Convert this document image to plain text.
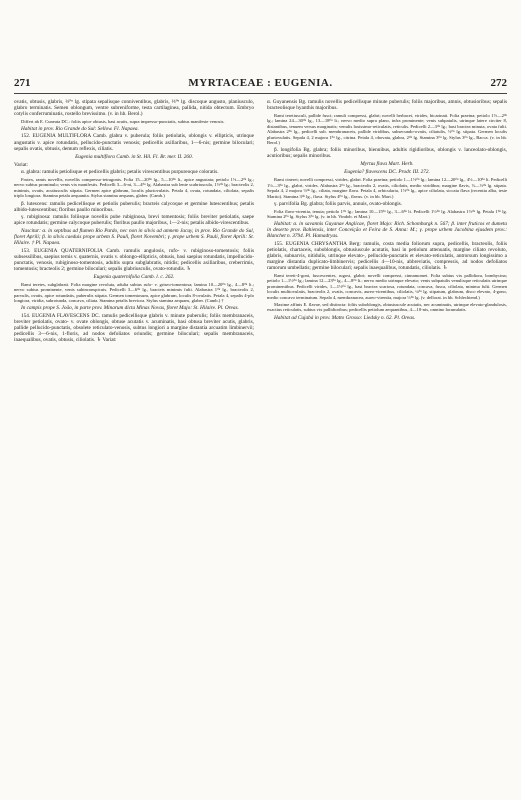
271	MYRTACEAE : EUGENIA.	272

ovatis, obtusis, glabris, ⅓ˡⁱⁿ lg. stipata sepalisque conniventibus, glabris, ⅓ˡⁱⁿ lg. discoque angusto, planiusculo, glabro terminatis. Semen oblongum, ventre subreniforme, testa cartilaginea, pallida, nitida obtectum. Embryo cotylis conferruminatis, rostello brevissimo. (v. in hb. Berol.)

Differt ab E. Cuneata DC.: foliis apice obtusis, basi acutis, supra impresso-punctatis, subtus manifeste venosis.

Habitat in prov. Rio Grande do Sul: Sellow. Fl. Napaea.

152. EUGENIA MULTIFLORA Camb. glabra v. puberula; foliis petiolatis, oblongis v. ellipticis, utrinque angustatis v. apice rotundatis, pellucido-punctatis venosis; pedicellis axillaribus, 1—6-nis; germine biloculari; sepalis ovatis, obtusis, demum reflexis, ciliatis.

Eugenia multiflora Camb. in St. Hil. Fl. Br. mer. II. 260.

Variat:

α. glabra: ramulis petiolisque et pedicellis glabris; petalis virescentibus purpureoque coloratis.

Frutex, ramis novellis, novellis compresso-tetragonis. Folia 15—20ˡⁱⁿ lg., 5—10ˡⁱⁿ lt., apice angustata; petiolo 1½—2ˡⁱⁿ lg.; nervo subtus prominulo; venis vix manifestis. Pedicelli 3—6-ni, 3—4ˡⁱⁿ lg. Alabastra sub lente scabriuscula, 1½ˡⁱⁿ lg.; bracteolis 2, minimis, ovatis, acutiusculis stipata. Germen apice glabrum, loculis pluriovulatis. Petala 4, ovata, rotundata, ciliolata, sepalis triplo longiora. Stamina petala aequantia. Stylus stamina aequans, glaber. (Camb.)

β. lutescens: ramulis pedicellisque et petiolis puberulis; bracteis calycoque et germine lutescentibus; petalis albido-lutescentibus; floribus paullo minoribus.

γ. rubiginosa: ramulis foliisque novellis pube rubiginosa, brevi tomentosis; foliis breviter petiolatis, saepe apice rotundatis; germine calycoque puberulis; floribus paullo majoribus, 1—2-nis; petalis albido-virescentibus.

Nascitur: α. in septibus ad flumen Rio Pardo, nec non in silvis ad amnem Jacuy, in prov. Rio Grande do Sul, floret Aprili; β. in silvis caeduis prope urbem S. Pauli, floret Novembri; γ. prope urbem S. Pauli, floret Aprili: St. Hilaire. † Pl. Napaea.

153. EUGENIA QUATERNIFOLIA Camb. ramulis angulosis, rufo- v. rubiginoso-tomentosis; foliis subsessilibus, saepius ternis v. quaternis, ovatis v. oblongo-ellipticis, obtusis, basi saepius rotundatis, impellucido-punctatis, venosis, rubiginoso-tomentosis, adultis supra subglabratis, nitidis; pedicellis axillaribus, creberrimis, tomentosis; bracteolis 2; germine biloculari; sepalis glabriusculis, ovato-rotundis. ♄

Eugenia quaternifolia Camb. l. c. 262.

Rami teretes, subglabrati. Folia margine revoluta, adulta subtus rufo- v. griseo-tomentosa; lamina 10—20ˡⁱⁿ lg., 4—8ˡⁱⁿ lt.; nervo subtus prominente, venis subinconspicuis. Pedicelli 3—6ˡⁱⁿ lg., bracteis minimis fulti. Alabastra 1ˡⁱⁿ lg., bracteolis 2, parvulis, ovatis, apice rotundatis, puberulis stipata. Germen tomentosum, apice glabrum, loculis 8-ovulatis. Petala 4, sepalis 4-plo longiora, viridia, subrotunda, concava, ciliata. Stamina petalis breviora. Stylus stamina aequans, glaber. (Camb.) †

In campis prope S. João, in parte prov. Minarum dicta Minas Novas, floret Majo: St. Hilaire. Pl. Oreas.

154. EUGENIA FLAVESCENS DC. ramulis pedicellisque glabris v. minute puberulis; foliis membranaceis, breviter petiolatis, ovato- v. ovate oblongis, obtuse acutatis v. acuminatis, basi obtusa breviter acutis, glabris, pallide pellucido-punctatis, obsolete reticulato-venosis, subtus longiori a margine distantia arcuatim limbinervii; pedicellis 3—6-nis, 1-floris, ad nodos defoliatos oriundis; germine biloculari; sepalis membranaceis, inaequalibus, ovatis, obtusis, ciliolatis. ♄ Variat:

α. Guyanensis Bg. ramulis novellis pedicellisque minute puberulis; foliis majoribus, amnis, obtusioribus; sepalis bracteolisque hyanthis majoribus.

Rami teretiusculi, pallide fusci; ramuli compressi, glabri; novelli herbacei, virides, bicarinati. Folia praeina; petiolo 1½—2ˡⁱⁿ lg.; lamina 24—30ˡⁱⁿ lg., 13—18ˡⁱⁿ lt.; nervo medio supra plano, infra prominente; venis subpatulis, utrinque latere circiter 8, distantibus, tenuem versus marginatis; venulis laxissimo-reticulatis, reticulis. Pedicelli 2—3ˡⁱⁿ lg.; basi bractea minuta, ovata fulti. Alabastra 2ˡⁱⁿ lg., pedicelli sub. membranaceis, pallide viridibus, subsecundo-ovatis, ciliatulis, ⅓ˡⁱⁿ lg. stipata. Germen loculis pluriovulatis. Sepala 4, 2 majora 1ˡⁱⁿ lg., citrina. Petala 4, obovata, glabra, 2ˡⁱⁿ lg. Stamina 3ˡⁱⁿ lg. Stylus 3ˡⁱⁿ lg., Bacca. (v. in hb. Berol.)

β. longifolia Bg. glabra; foliis minoribus, biennibus, adultis rigidioribus, oblongis v. lanceolato-oblongis, acutioribus; sepalis minoribus.

Myrtus flava Mart. Herb.

Eugenia? flavescens DC. Prodr. III. 272.

Rami cinerei; novelli compressi, virides, glabri. Folia praeina; petiolo 1—1½ˡⁱⁿ lg.; lamina 12—20ˡⁱⁿ lg., 4½—10ˡⁱⁿ lt. Pedicelli 1½—3ˡⁱⁿ lg., glabri, virides. Alabastra 2ˡⁱⁿ lg., bracteolis 2, ovatis, ciliolatis, medio viridibus; margine flavis, ⅓—½ˡⁱⁿ lg. stipata. Sepala 4, 2 majora ½ˡⁱⁿ lg., ciliata, margine flava. Petala 4, orbicularia, 1½ˡⁱⁿ lg., apice ciliolata, siccata flava (recentia alba, teste Martio). Stamina 3ˡⁱⁿ lg., flava. Stylus 4ˡⁱⁿ lg., flavus. (v. in hb. Mart.)

γ. parvifolia Bg. glabra; foliis parvis, annuis, ovato-oblongis.

Folia flavo-virentia, tenuia; petiolo 1ˡⁱⁿ lg.; lamina 10—15ˡⁱⁿ lg., 3—6ˡⁱⁿ lt. Pedicelli 1½ˡⁱⁿ lg. Alabastra 1½ˡⁱⁿ lg. Petala 1ˡⁱⁿ lg. Stamina 2ˡⁱⁿ lg. Stylus 3ˡⁱⁿ lg. (v. in hb. Vindob. et Mart.)

Habitat: α. in savannis Guyanae Anglicae, floret Majo: Rich. Schomburgk n. 567; β. inter fruticos et dumeta in deserto prov. Bahiensis, inter Conceição et Feira de S. Anna: M.; γ. prope urbem Jacobina ejusdem prov.: Blanchet n. 3794. Pl. Hamadryas.

155. EUGENIA CHRYSANTHA Berg: ramulis, costa media foliorum supra, pedicellis, bracteolis, foliis petiolatis, chartaceis, suboblongis, obtusiuscule acutatis, basi in petiolum attenuatis, margine ciliato revoluto, glabris, subnarvis, nitidulis, utrinque elevato-, pellucido-punctatis et elevato-reticulatis, antrorsum longissimo a margine distantia duplicato-limbinervis; pedicellis 4—10-nis, abbreviatis, compressis, ad nodos defoliatos ramorum umbellatis; germine biloculari; sepalis inaequalibus, rotundatis, ciliolatis. ♄

Rami tereti-4-goni, fuscescentes, rugosi, glabri; novelli compressi, cinnamomei. Folia subtus vix pallidiora, bombycina; petiolo 1—1½ˡⁱⁿ lg.; lamina 12—23ˡⁱⁿ lg., 4—8ˡⁱⁿ lt.; nervo medio utrinque elevato; venis subpatulis venulisque reticulatis utrinque prominentibus. Pedicelli virides, 1—1½ˡⁱⁿ lg., basi bractea scariosa, rotundata, concava, fusca, ciliolata, minima fulti. Germen loculis multiovulatis, bracteolis 2, ovatis, concavis, aureo-virentibus, ciliolatis, ¼ˡⁱⁿ lg. stipatum, glabrum, disco elevato, 4-gono, medio concavo terminatum. Sepala 4, membranacea, aureo-virentia, majora ⅓ˡⁱⁿ lg. (v. dellorat. in hb. Schlechtend.)

Maxime affinis E. flavae, sed distincta: foliis suboblongis, obtusiuscule acutatis, nec acuminatis, utrinque elevato-glandulosis, exactius reticulatis, subtus vix pallidioribus; pedicellis petiolum aequantibus, 4—10-nis, omnino lacunulatis.

Habitat ad Cujabá in prov. Matto Grosso: Liedsky n. 62. Pl. Oreas.
